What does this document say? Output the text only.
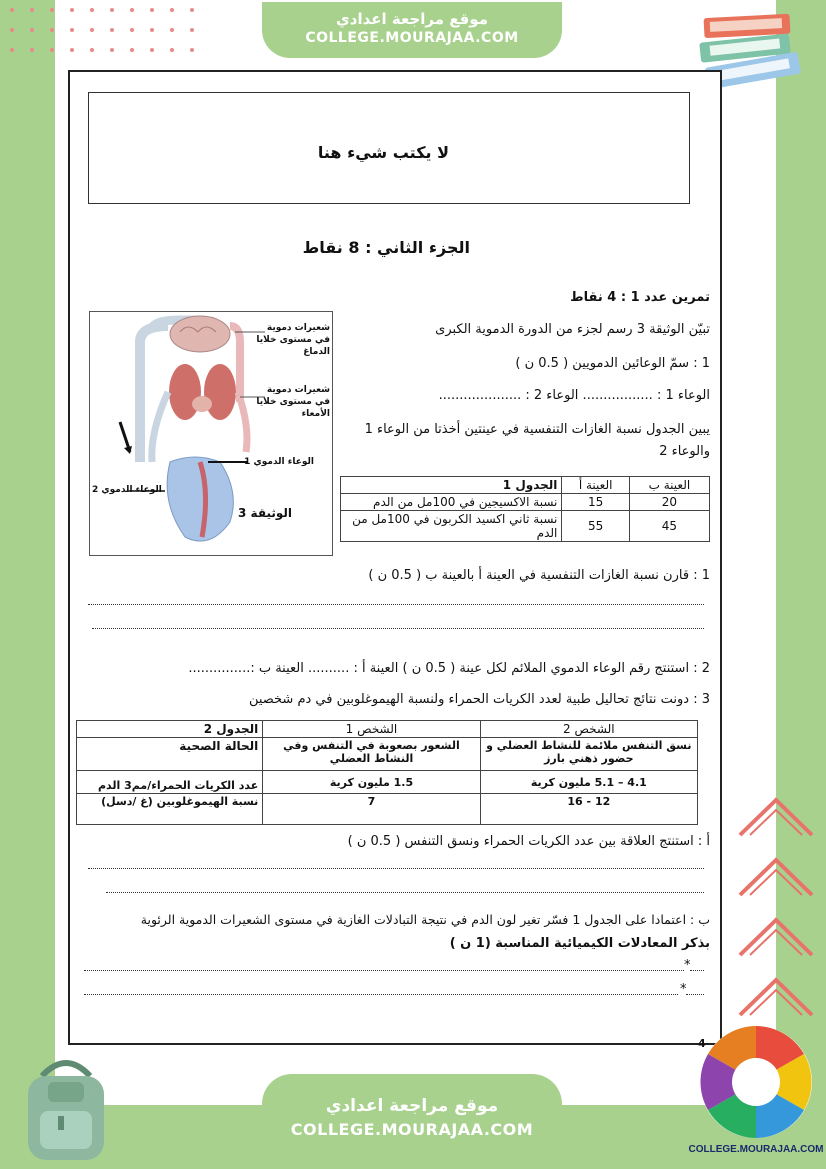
موقع مراجعة اعدادي
COLLEGE.MOURAJAA.COM
لا يكتب شيء هنا
الجزء الثاني : 8 نقاط
تمرين عدد 1 : 4 نقاط
تبيّن الوثيقة 3 رسم لجزء من الدورة الدموية الكبرى
1 : سمّ الوعائين الدمويين ( 0.5 ن )
الوعاء 1 : ................. الوعاء 2 : ....................
يبين الجدول نسبة الغازات التنفسية في عينتين أخذتا من الوعاء 1
والوعاء 2
شعيرات دموية في مستوى خلايا الدماغ
شعيرات دموية في مستوى خلايا الأمعاء
الوعاء الدموي 1
الوعاء الدموي 2
الوثيقة 3
الجدول 1	العينة أ	العينة ب
نسبة الاكسيجين في 100مل من الدم	15	20
نسبة ثاني اكسيد الكربون في 100مل من الدم	55	45
1 : قارن نسبة الغازات التنفسية في العينة أ بالعينة ب ( 0.5 ن )
2 : استنتج رقم الوعاء الدموي الملائم لكل عينة ( 0.5 ن ) العينة أ : .......... العينة ب :...............
3 : دونت نتائج تحاليل طبية لعدد الكريات الحمراء ولنسبة الهيموغلوبين في دم شخصين
الجدول 2	الشخص 1	الشخص 2
الحالة الصحية	الشعور بصعوبة في التنفس وفي النشاط العضلي	نسق التنفس ملائمة للنشاط العضلي و حضور ذهني بارز
عدد الكريات الحمراء/مم3 الدم	1.5 مليون كرية	4.1 – 5.1 مليون كرية
نسبة الهيموغلوبين (غ /دسل)	7	12 - 16
أ : استنتج العلاقة بين عدد الكريات الحمراء ونسق التنفس ( 0.5 ن )
ب : اعتمادا على الجدول 1 فسّر تغير لون الدم في نتيجة التبادلات الغازية في مستوى الشعيرات الدموية الرئوية
بذكر المعادلات الكيميائية المناسبة (1 ن )
*
*
4
موقع مراجعة اعدادي
COLLEGE.MOURAJAA.COM
COLLEGE.MOURAJAA.COM
